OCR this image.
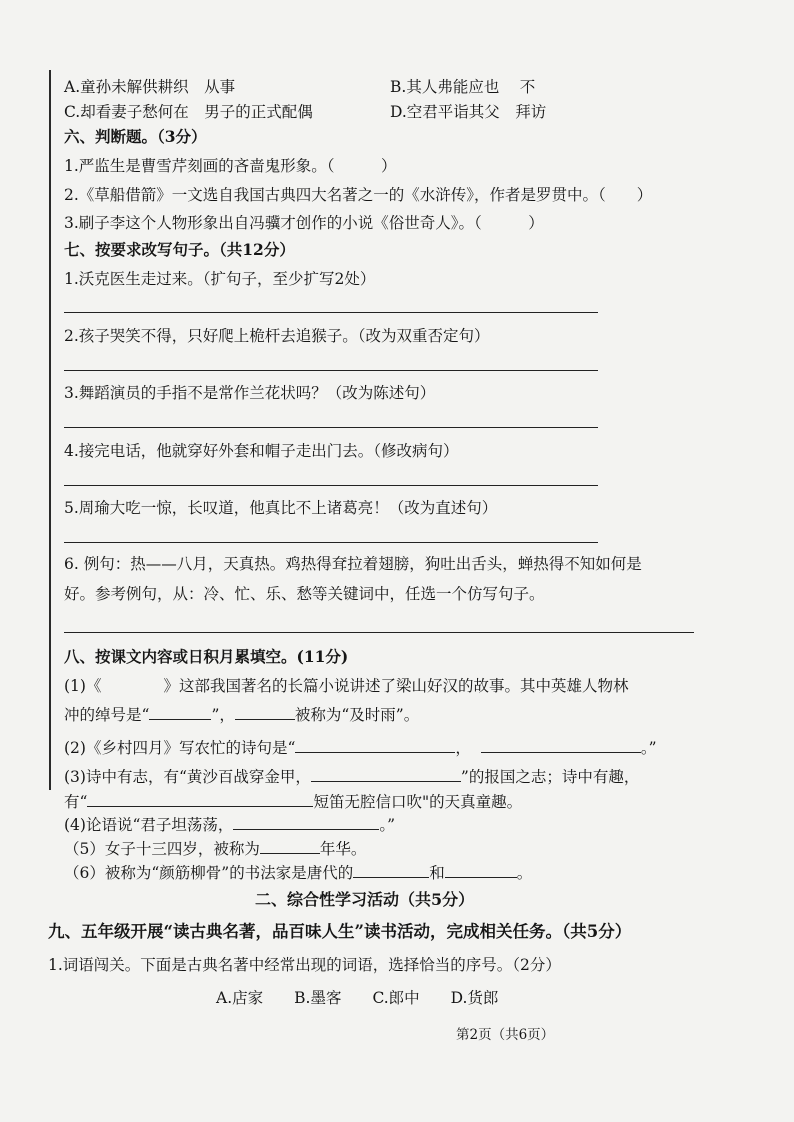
A.童孙未解供耕织　从事	B.其人弗能应也　 不
C.却看妻子愁何在　男子的正式配偶	D.空君平诣其父　拜访
六、判断题。（3分）
1.严监生是曹雪芹刻画的吝啬鬼形象。（　　　）
2.《草船借箭》一文选自我国古典四大名著之一的《水浒传》，作者是罗贯中。（　　）
3.刷子李这个人物形象出自冯骥才创作的小说《俗世奇人》。（　　　）
七、按要求改写句子。（共12分）
1.沃克医生走过来。（扩句子，至少扩写2处）
2.孩子哭笑不得，只好爬上桅杆去追猴子。（改为双重否定句）
3.舞蹈演员的手指不是常作兰花状吗？（改为陈述句）
4.接完电话，他就穿好外套和帽子走出门去。（修改病句）
5.周瑜大吃一惊，长叹道，他真比不上诸葛亮！（改为直述句）
6. 例句：热——八月，天真热。鸡热得耷拉着翅膀，狗吐出舌头，蝉热得不知如何是
好。参考例句，从：冷、忙、乐、愁等关键词中，任选一个仿写句子。
八、按课文内容或日积月累填空。(11分)
(1)《	》这部我国著名的长篇小说讲述了梁山好汉的故事。其中英雄人物林
冲的绰号是“	”，	被称为“及时雨”。
(2)《乡村四月》写农忙的诗句是“	，	。”
(3)诗中有志，有“黄沙百战穿金甲，	”的报国之志；诗中有趣，
有“	短笛无腔信口吹"的天真童趣。
(4)论语说“君子坦荡荡，	。”
（5）女子十三四岁，被称为	年华。
（6）被称为“颜筋柳骨”的书法家是唐代的	和	。
二、综合性学习活动（共5分）
九、五年级开展“读古典名著，品百味人生”读书活动，完成相关任务。（共5分）
1.词语闯关。下面是古典名著中经常出现的词语，选择恰当的序号。（2分）
A.店家　　B.墨客　　C.郎中　　D.货郎
第2页（共6页）
